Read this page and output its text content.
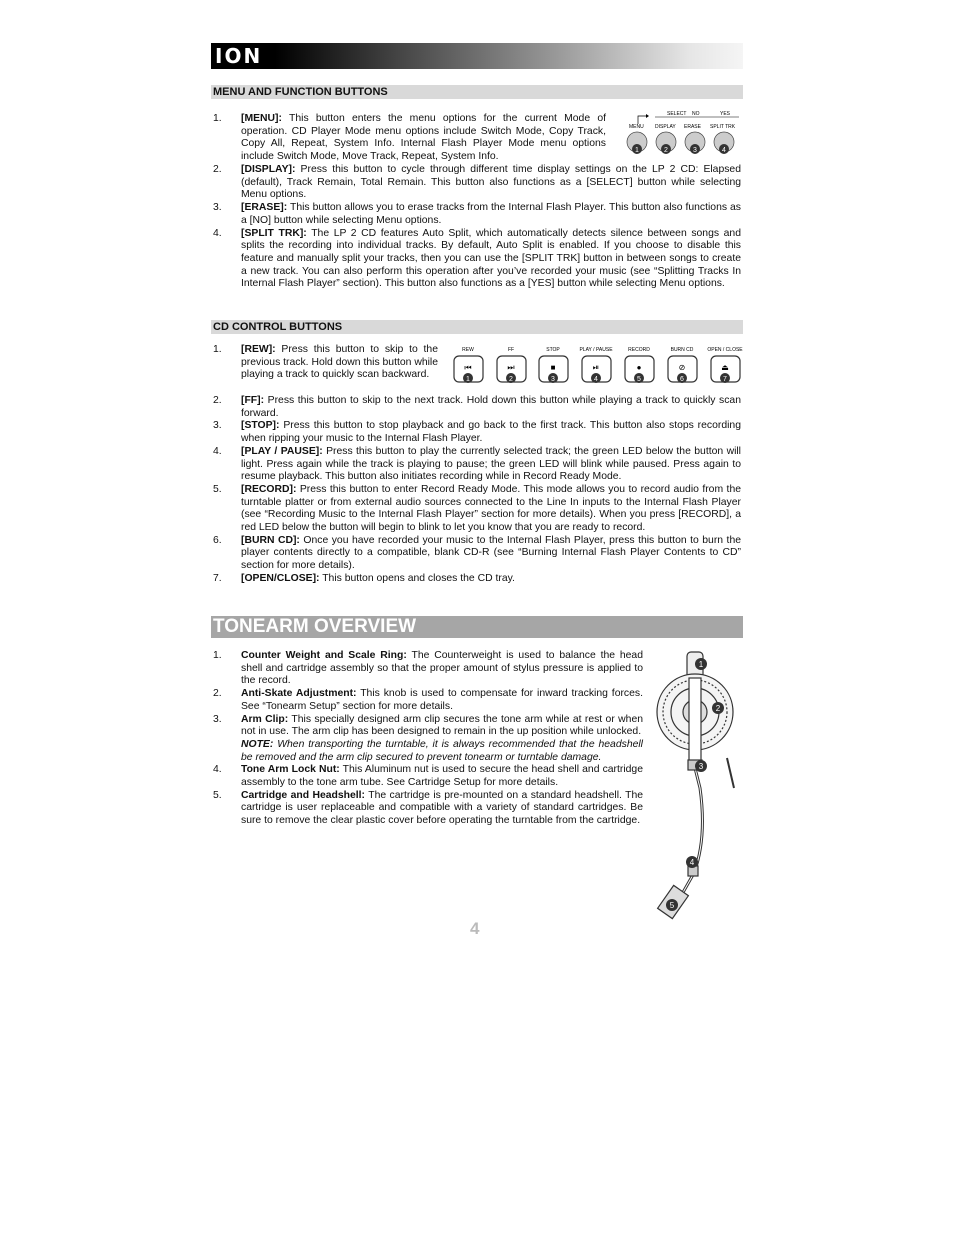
ION
MENU AND FUNCTION BUTTONS
1. [MENU]: This button enters the menu options for the current Mode of operation. CD Player Mode menu options include Switch Mode, Copy Track, Copy All, Repeat, System Info. Internal Flash Player Mode menu options include Switch Mode, Move Track, Repeat, System Info.
2. [DISPLAY]: Press this button to cycle through different time display settings on the LP 2 CD: Elapsed (default), Track Remain, Total Remain. This button also functions as a [SELECT] button while selecting Menu options.
3. [ERASE]: This button allows you to erase tracks from the Internal Flash Player. This button also functions as a [NO] button while selecting Menu options.
4. [SPLIT TRK]: The LP 2 CD features Auto Split, which automatically detects silence between songs and splits the recording into individual tracks. By default, Auto Split is enabled. If you choose to disable this feature and manually split your tracks, then you can use the [SPLIT TRK] button in between songs to create a new track. You can also perform this operation after you’ve recorded your music (see “Splitting Tracks In Internal Flash Player” section). This button also functions as a [YES] button while selecting Menu options.
SELECT NO	YES
MENU DISPLAY ERASE SPLIT TRK
1	2	3	4
CD CONTROL BUTTONS
1. [REW]: Press this button to skip to the previous track. Hold down this button while playing a track to quickly scan backward.
2. [FF]: Press this button to skip to the next track. Hold down this button while playing a track to quickly scan forward.
3. [STOP]: Press this button to stop playback and go back to the first track. This button also stops recording when ripping your music to the Internal Flash Player.
4. [PLAY / PAUSE]: Press this button to play the currently selected track; the green LED below the button will light. Press again while the track is playing to pause; the green LED will blink while paused. Press again to resume playback. This button also initiates recording while in Record Ready Mode.
5. [RECORD]: Press this button to enter Record Ready Mode. This mode allows you to record audio from the turntable platter or from external audio sources connected to the Line In inputs to the Internal Flash Player (see “Recording Music to the Internal Flash Player” section for more details). When you press [RECORD], a red LED below the button will begin to blink to let you know that you are ready to record.
6. [BURN CD]: Once you have recorded your music to the Internal Flash Player, press this button to burn the player contents directly to a compatible, blank CD-R (see “Burning Internal Flash Player Contents to CD” section for more details).
7. [OPEN/CLOSE]: This button opens and closes the CD tray.
REW	FF	STOP	PLAY / PAUSE	RECORD	BURN CD	OPEN / CLOSE
⏮	⏭	■	⏯	●	⊘	⏏
1	2	3	4	5	6	7
TONEARM OVERVIEW
1. Counter Weight and Scale Ring: The Counterweight is used to balance the head shell and cartridge assembly so that the proper amount of stylus pressure is applied to the record.
2. Anti-Skate Adjustment: This knob is used to compensate for inward tracking forces. See “Tonearm Setup” section for more details.
3. Arm Clip: This specially designed arm clip secures the tone arm while at rest or when not in use. The arm clip has been designed to remain in the up position while unlocked.
NOTE: When transporting the turntable, it is always recommended that the headshell be removed and the arm clip secured to prevent tonearm or turntable damage.
4. Tone Arm Lock Nut: This Aluminum nut is used to secure the head shell and cartridge assembly to the tone arm tube. See Cartridge Setup for more details.
5. Cartridge and Headshell: The cartridge is pre-mounted on a standard headshell. The cartridge is user replaceable and compatible with a variety of standard cartridges. Be sure to remove the clear plastic cover before operating the turntable from the cartridge.
1
2
3
4
5
4
